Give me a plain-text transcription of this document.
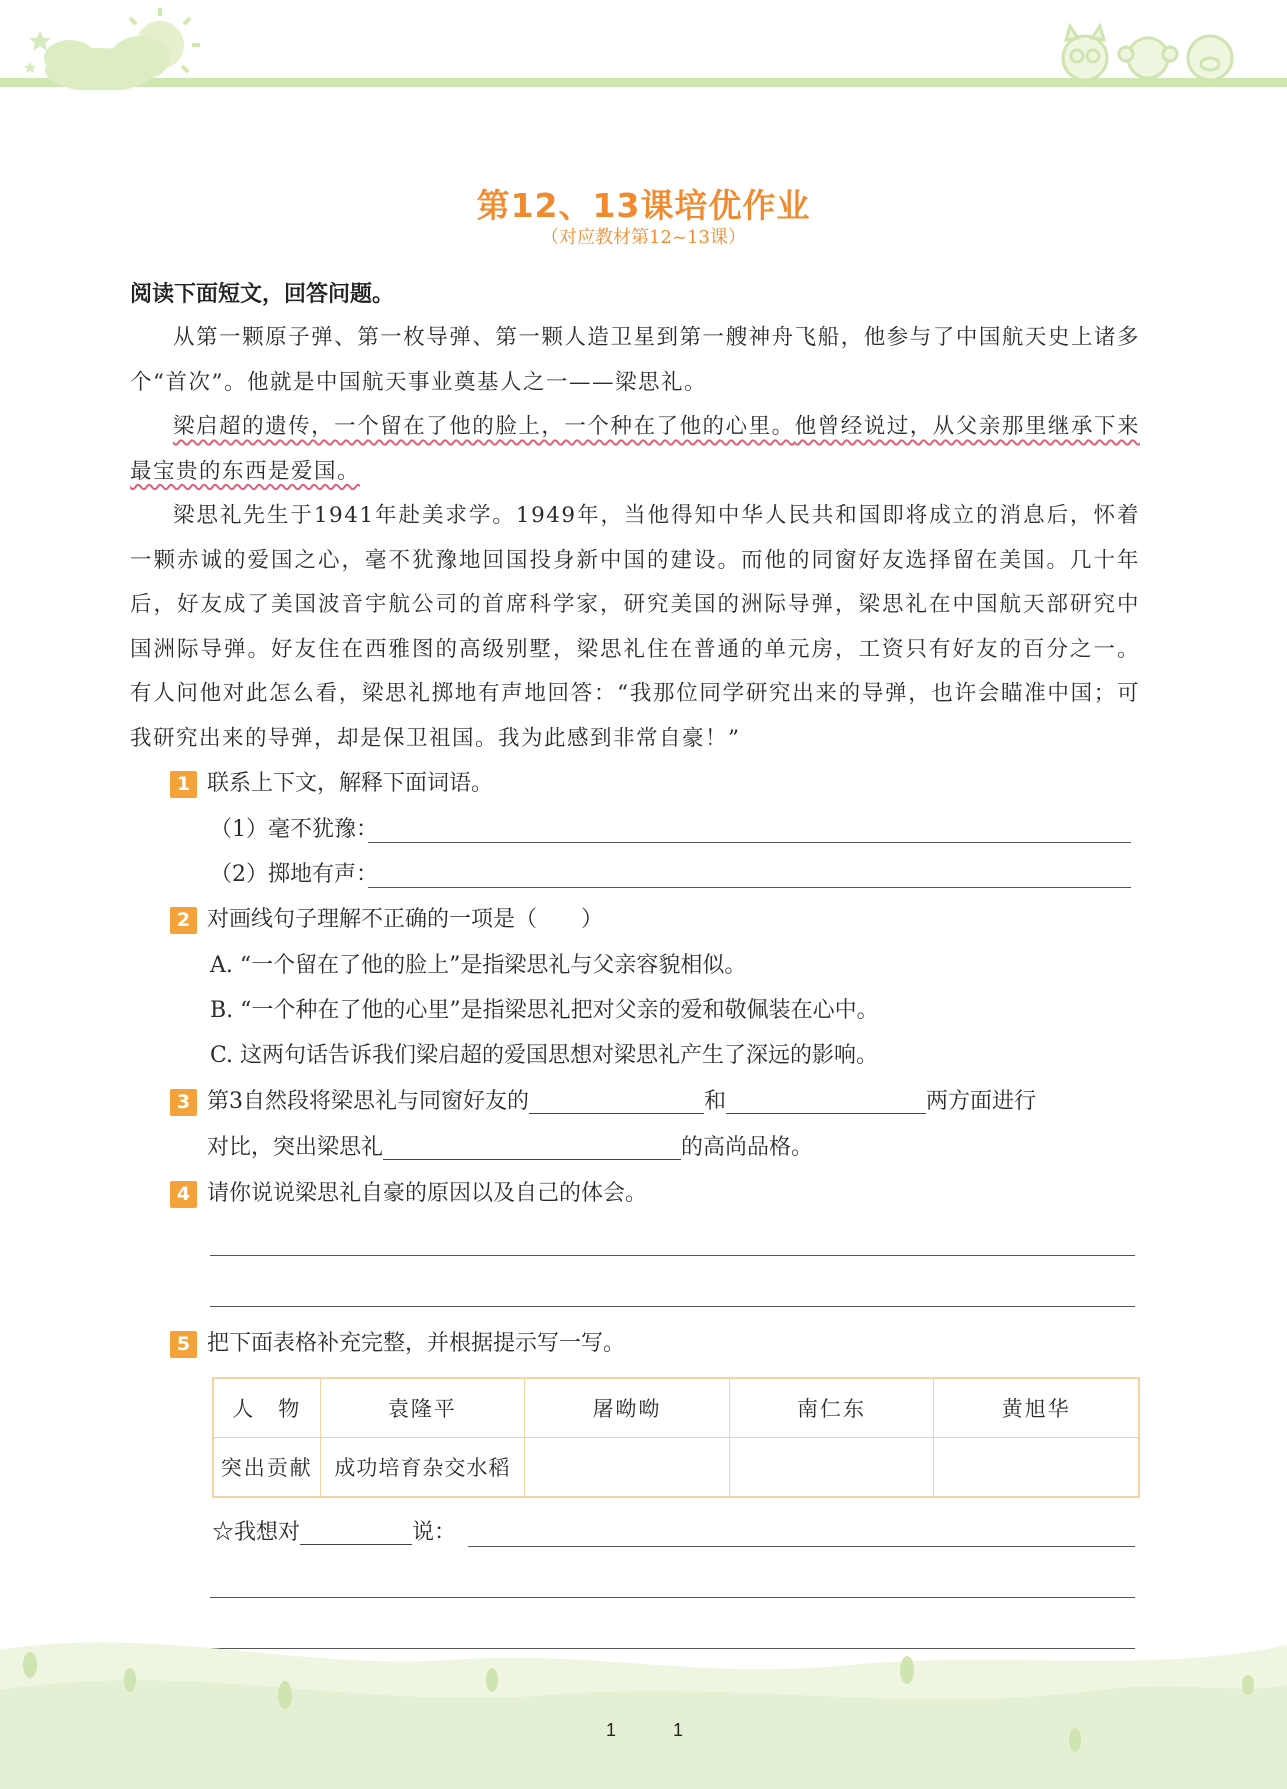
第12、13课培优作业
（对应教材第12~13课）
阅读下面短文，回答问题。
从第一颗原子弹、第一枚导弹、第一颗人造卫星到第一艘神舟飞船，他参与了中国航天史上诸多个“首次”。他就是中国航天事业奠基人之一——梁思礼。
梁启超的遗传，一个留在了他的脸上，一个种在了他的心里。他曾经说过，从父亲那里继承下来最宝贵的东西是爱国。
梁思礼先生于1941年赴美求学。1949年，当他得知中华人民共和国即将成立的消息后，怀着一颗赤诚的爱国之心，毫不犹豫地回国投身新中国的建设。而他的同窗好友选择留在美国。几十年后，好友成了美国波音宇航公司的首席科学家，研究美国的洲际导弹，梁思礼在中国航天部研究中国洲际导弹。好友住在西雅图的高级别墅，梁思礼住在普通的单元房，工资只有好友的百分之一。有人问他对此怎么看，梁思礼掷地有声地回答：“我那位同学研究出来的导弹，也许会瞄准中国；可我研究出来的导弹，却是保卫祖国。我为此感到非常自豪！”
1 联系上下文，解释下面词语。
（1）毫不犹豫：
（2）掷地有声：
2 对画线句子理解不正确的一项是（　　）
A. “一个留在了他的脸上”是指梁思礼与父亲容貌相似。
B. “一个种在了他的心里”是指梁思礼把对父亲的爱和敬佩装在心中。
C. 这两句话告诉我们梁启超的爱国思想对梁思礼产生了深远的影响。
3 第3自然段将梁思礼与同窗好友的	和	两方面进行
对比，突出梁思礼	的高尚品格。
4 请你说说梁思礼自豪的原因以及自己的体会。
5 把下面表格补充完整，并根据提示写一写。
人　物	袁隆平	屠呦呦	南仁东	黄旭华
突出贡献	成功培育杂交水稻			
☆我想对	说：
1	1
